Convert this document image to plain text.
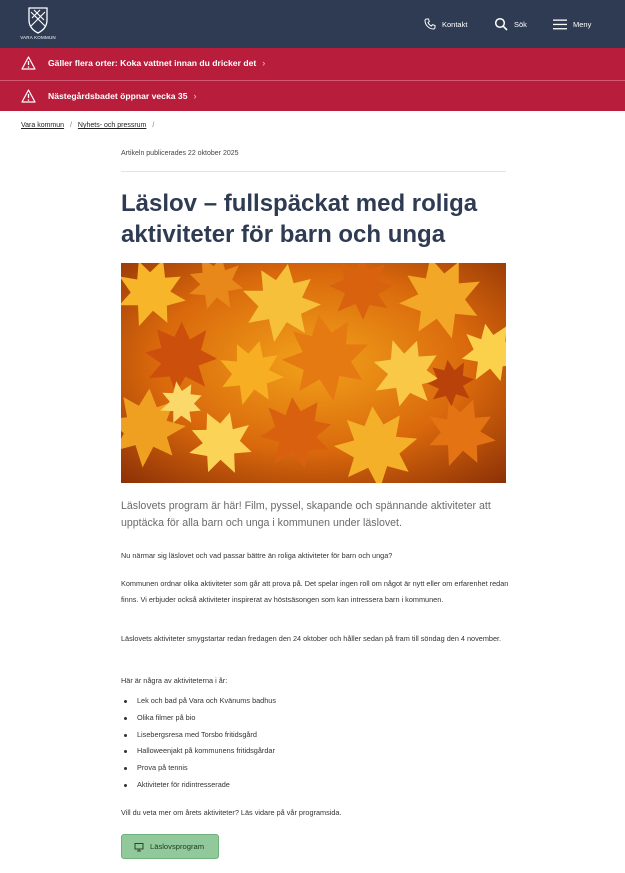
VARA KOMMUN
Kontakt	Sök	Meny
Gäller flera orter: Koka vattnet innan du dricker det ›
Nästegårdsbadet öppnar vecka 35 ›
Vara kommun / Nyhets- och pressrum /
Artikeln publicerades 22 oktober 2025
Läslov – fullspäckat med roliga aktiviteter för barn och unga

Läslovets program är här! Film, pyssel, skapande och spännande aktiviteter att upptäcka för alla barn och unga i kommunen under läslovet.

Nu närmar sig läslovet och vad passar bättre än roliga aktiviteter för barn och unga?

Kommunen ordnar olika aktiviteter som går att prova på. Det spelar ingen roll om något är nytt eller om erfarenhet redan finns. Vi erbjuder också aktiviteter inspirerat av höstsäsongen som kan intressera barn i kommunen.

Läslovets aktiviteter smygstartar redan fredagen den 24 oktober och håller sedan på fram till söndag den 4 november.

Här är några av aktiviteterna i år:

Lek och bad på Vara och Kvänums badhus
Olika filmer på bio
Lisebergsresa med Torsbo fritidsgård
Halloweenjakt på kommunens fritidsgårdar
Prova på tennis
Aktiviteter för ridintresserade

Vill du veta mer om årets aktiviteter? Läs vidare på vår programsida.

Läslovsprogram
